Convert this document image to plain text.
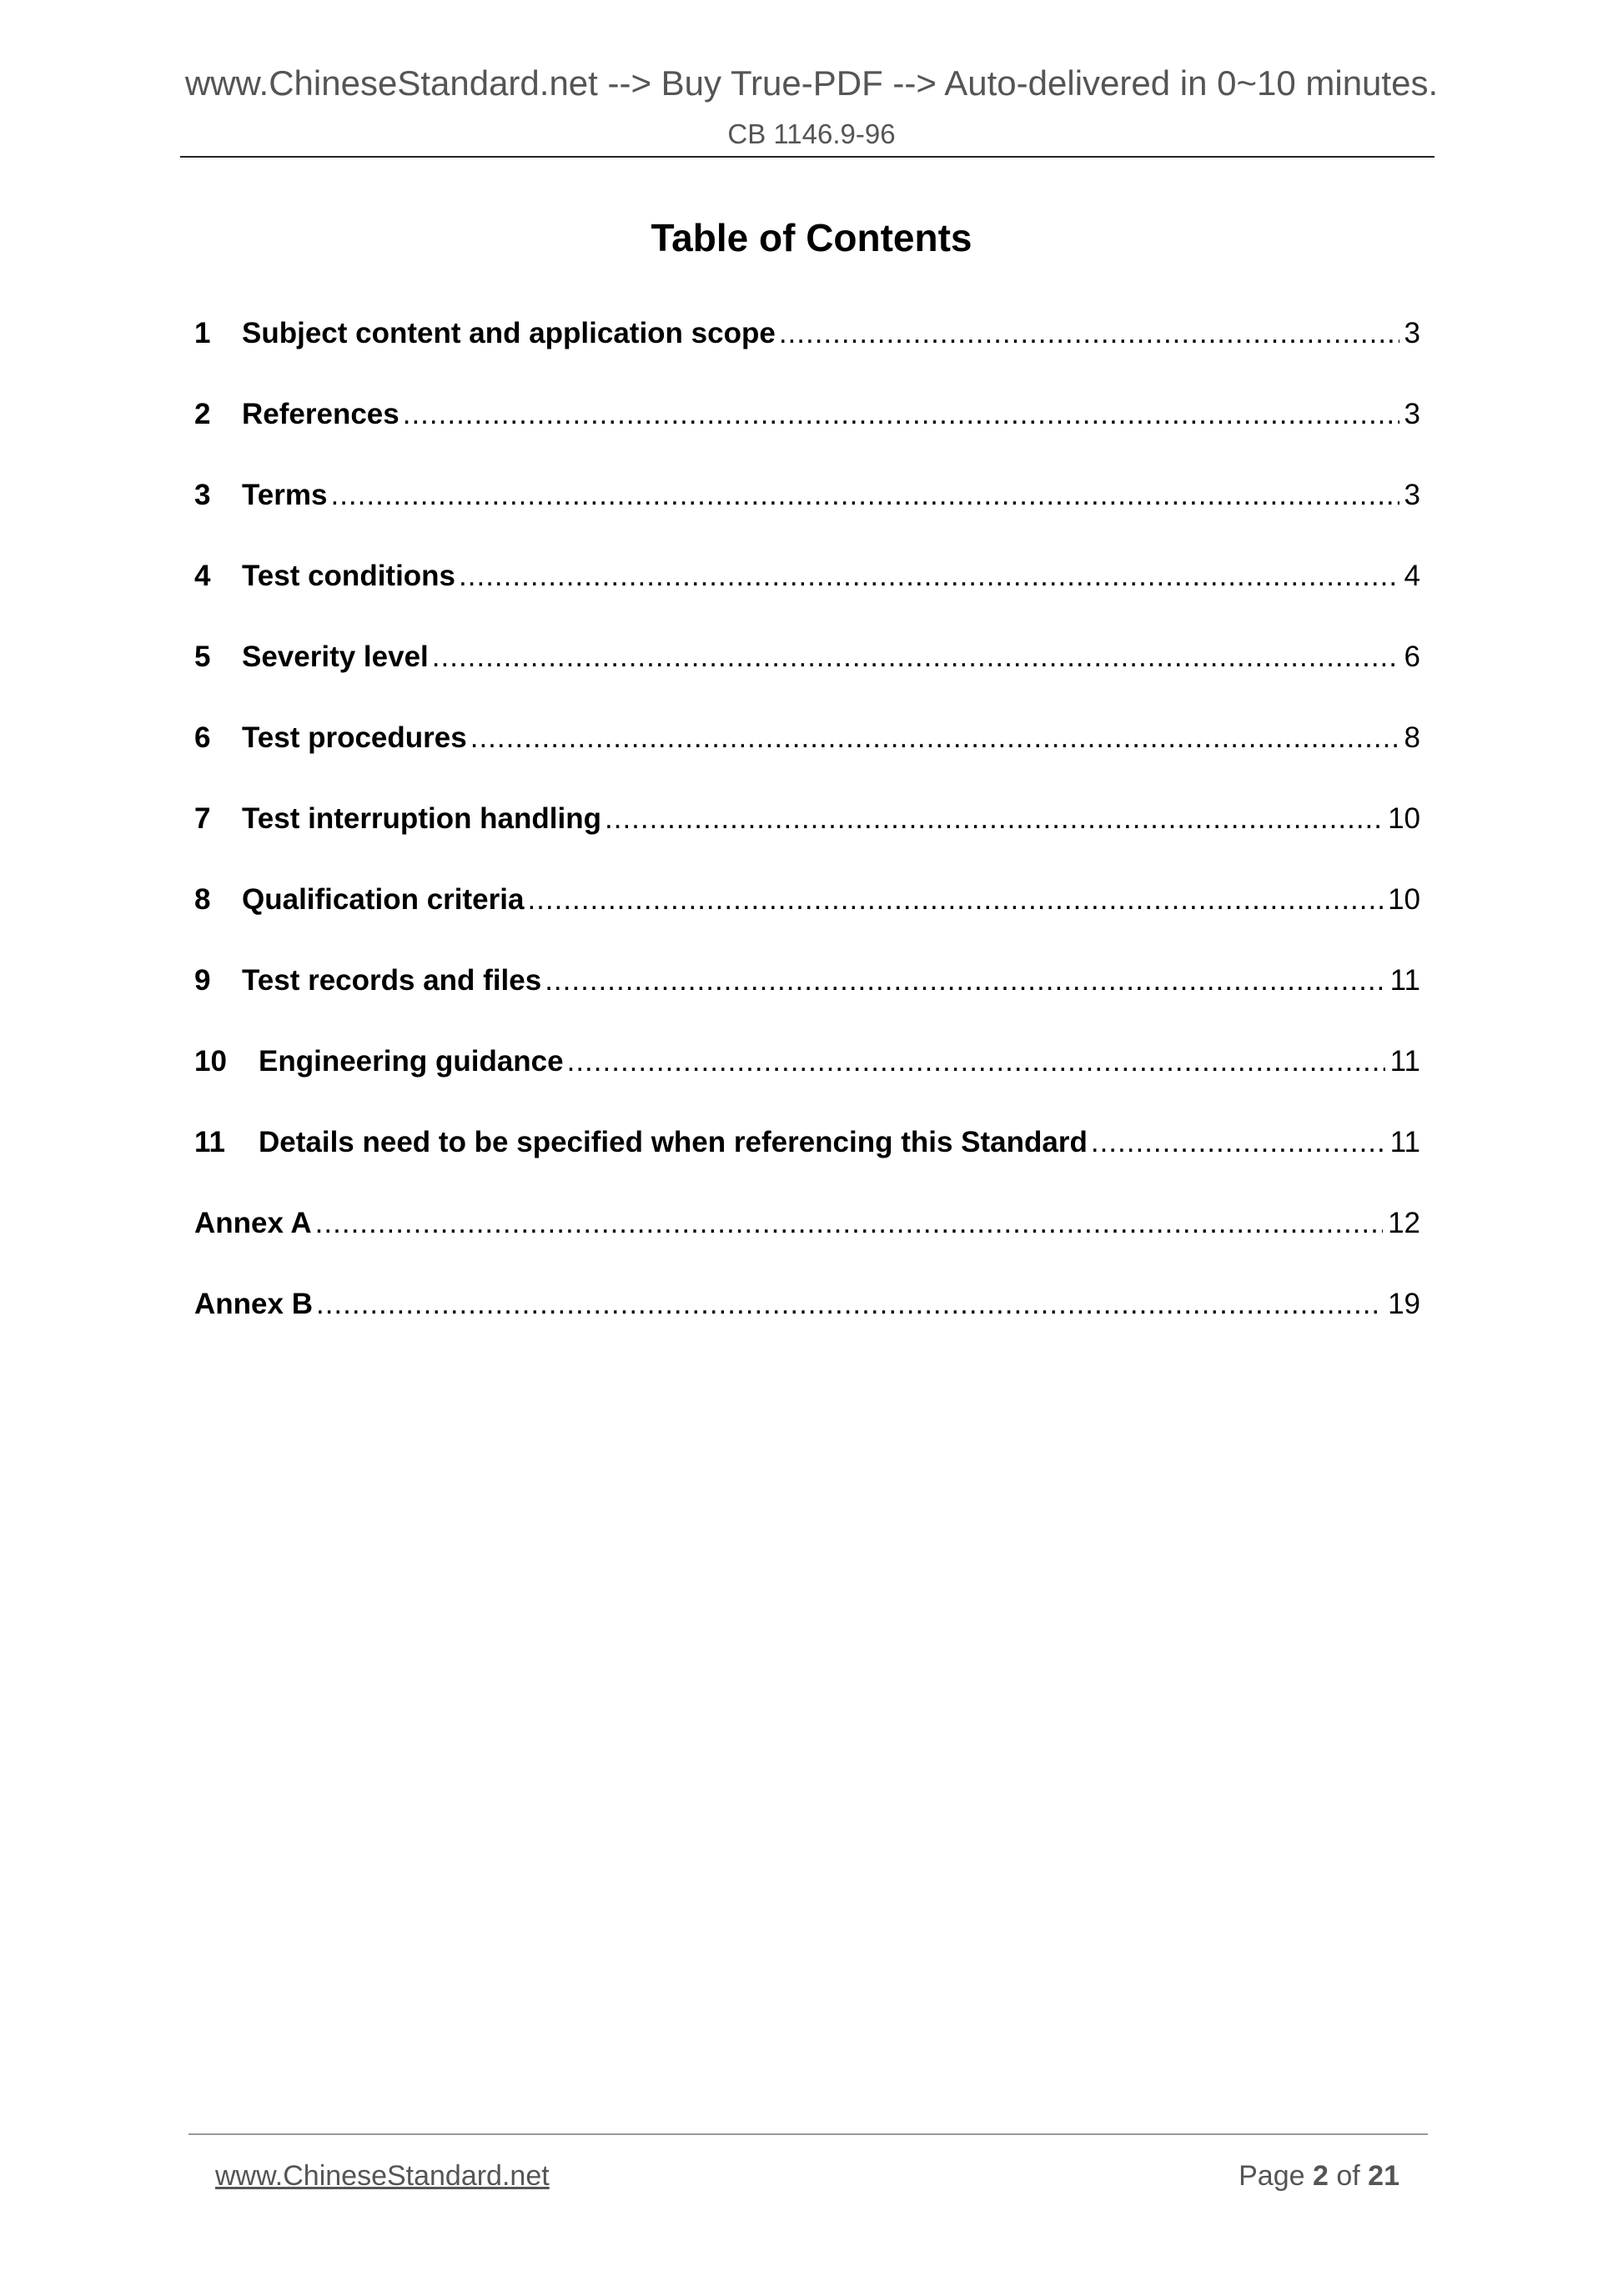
www.ChineseStandard.net --> Buy True-PDF --> Auto-delivered in 0~10 minutes.
CB 1146.9-96
Table of Contents
1	Subject content and application scope .....	3
2	References .....	3
3	Terms .....	3
4	Test conditions .....	4
5	Severity level .....	6
6	Test procedures .....	8
7	Test interruption handling .....	10
8	Qualification criteria .....	10
9	Test records and files .....	11
10	Engineering guidance .....	11
11	Details need to be specified when referencing this Standard .....	11
Annex A .....	12
Annex B .....	19
www.ChineseStandard.net	Page 2 of 21
